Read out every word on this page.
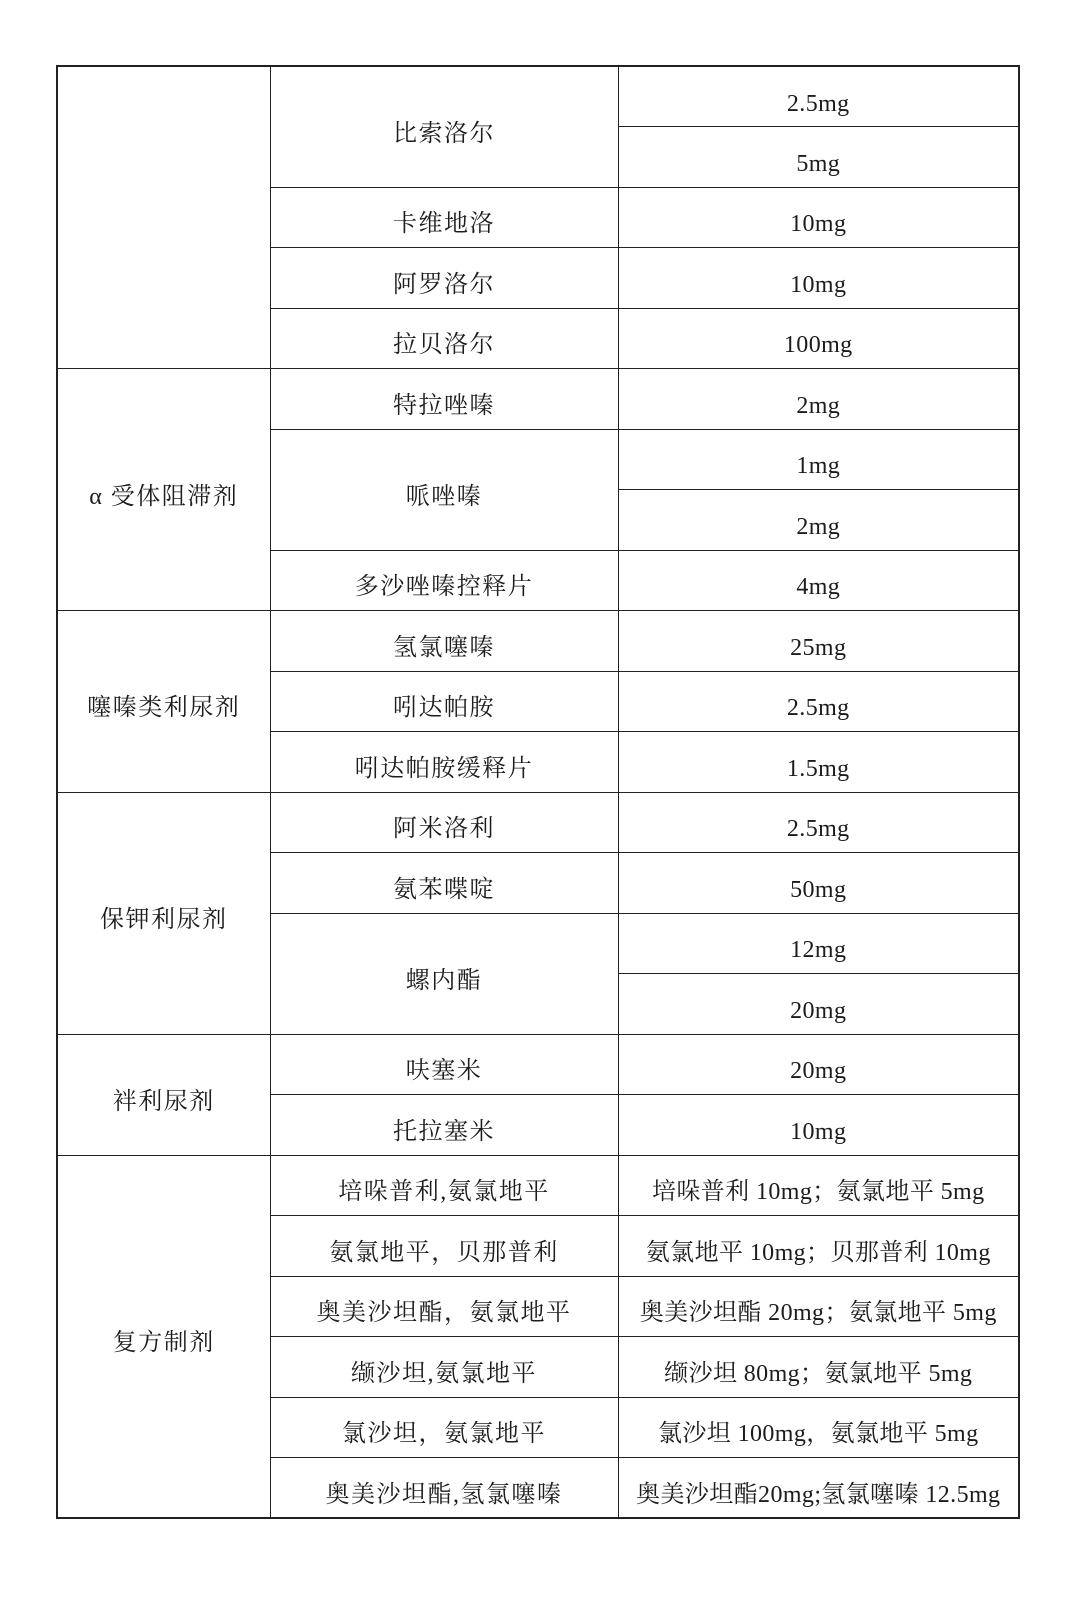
	比索洛尔	2.5mg
		5mg
	卡维地洛	10mg
	阿罗洛尔	10mg
	拉贝洛尔	100mg
α 受体阻滞剂	特拉唑嗪	2mg
	哌唑嗪	1mg
		2mg
	多沙唑嗪控释片	4mg
噻嗪类利尿剂	氢氯噻嗪	25mg
	吲达帕胺	2.5mg
	吲达帕胺缓释片	1.5mg
保钾利尿剂	阿米洛利	2.5mg
	氨苯喋啶	50mg
	螺内酯	12mg
		20mg
袢利尿剂	呋塞米	20mg
	托拉塞米	10mg
复方制剂	培哚普利,氨氯地平	培哚普利 10mg；氨氯地平 5mg
	氨氯地平，贝那普利	氨氯地平 10mg；贝那普利 10mg
	奥美沙坦酯，氨氯地平	奥美沙坦酯 20mg；氨氯地平 5mg
	缬沙坦,氨氯地平	缬沙坦 80mg；氨氯地平 5mg
	氯沙坦，氨氯地平	氯沙坦 100mg，氨氯地平 5mg
	奥美沙坦酯,氢氯噻嗪	奥美沙坦酯20mg;氢氯噻嗪 12.5mg
